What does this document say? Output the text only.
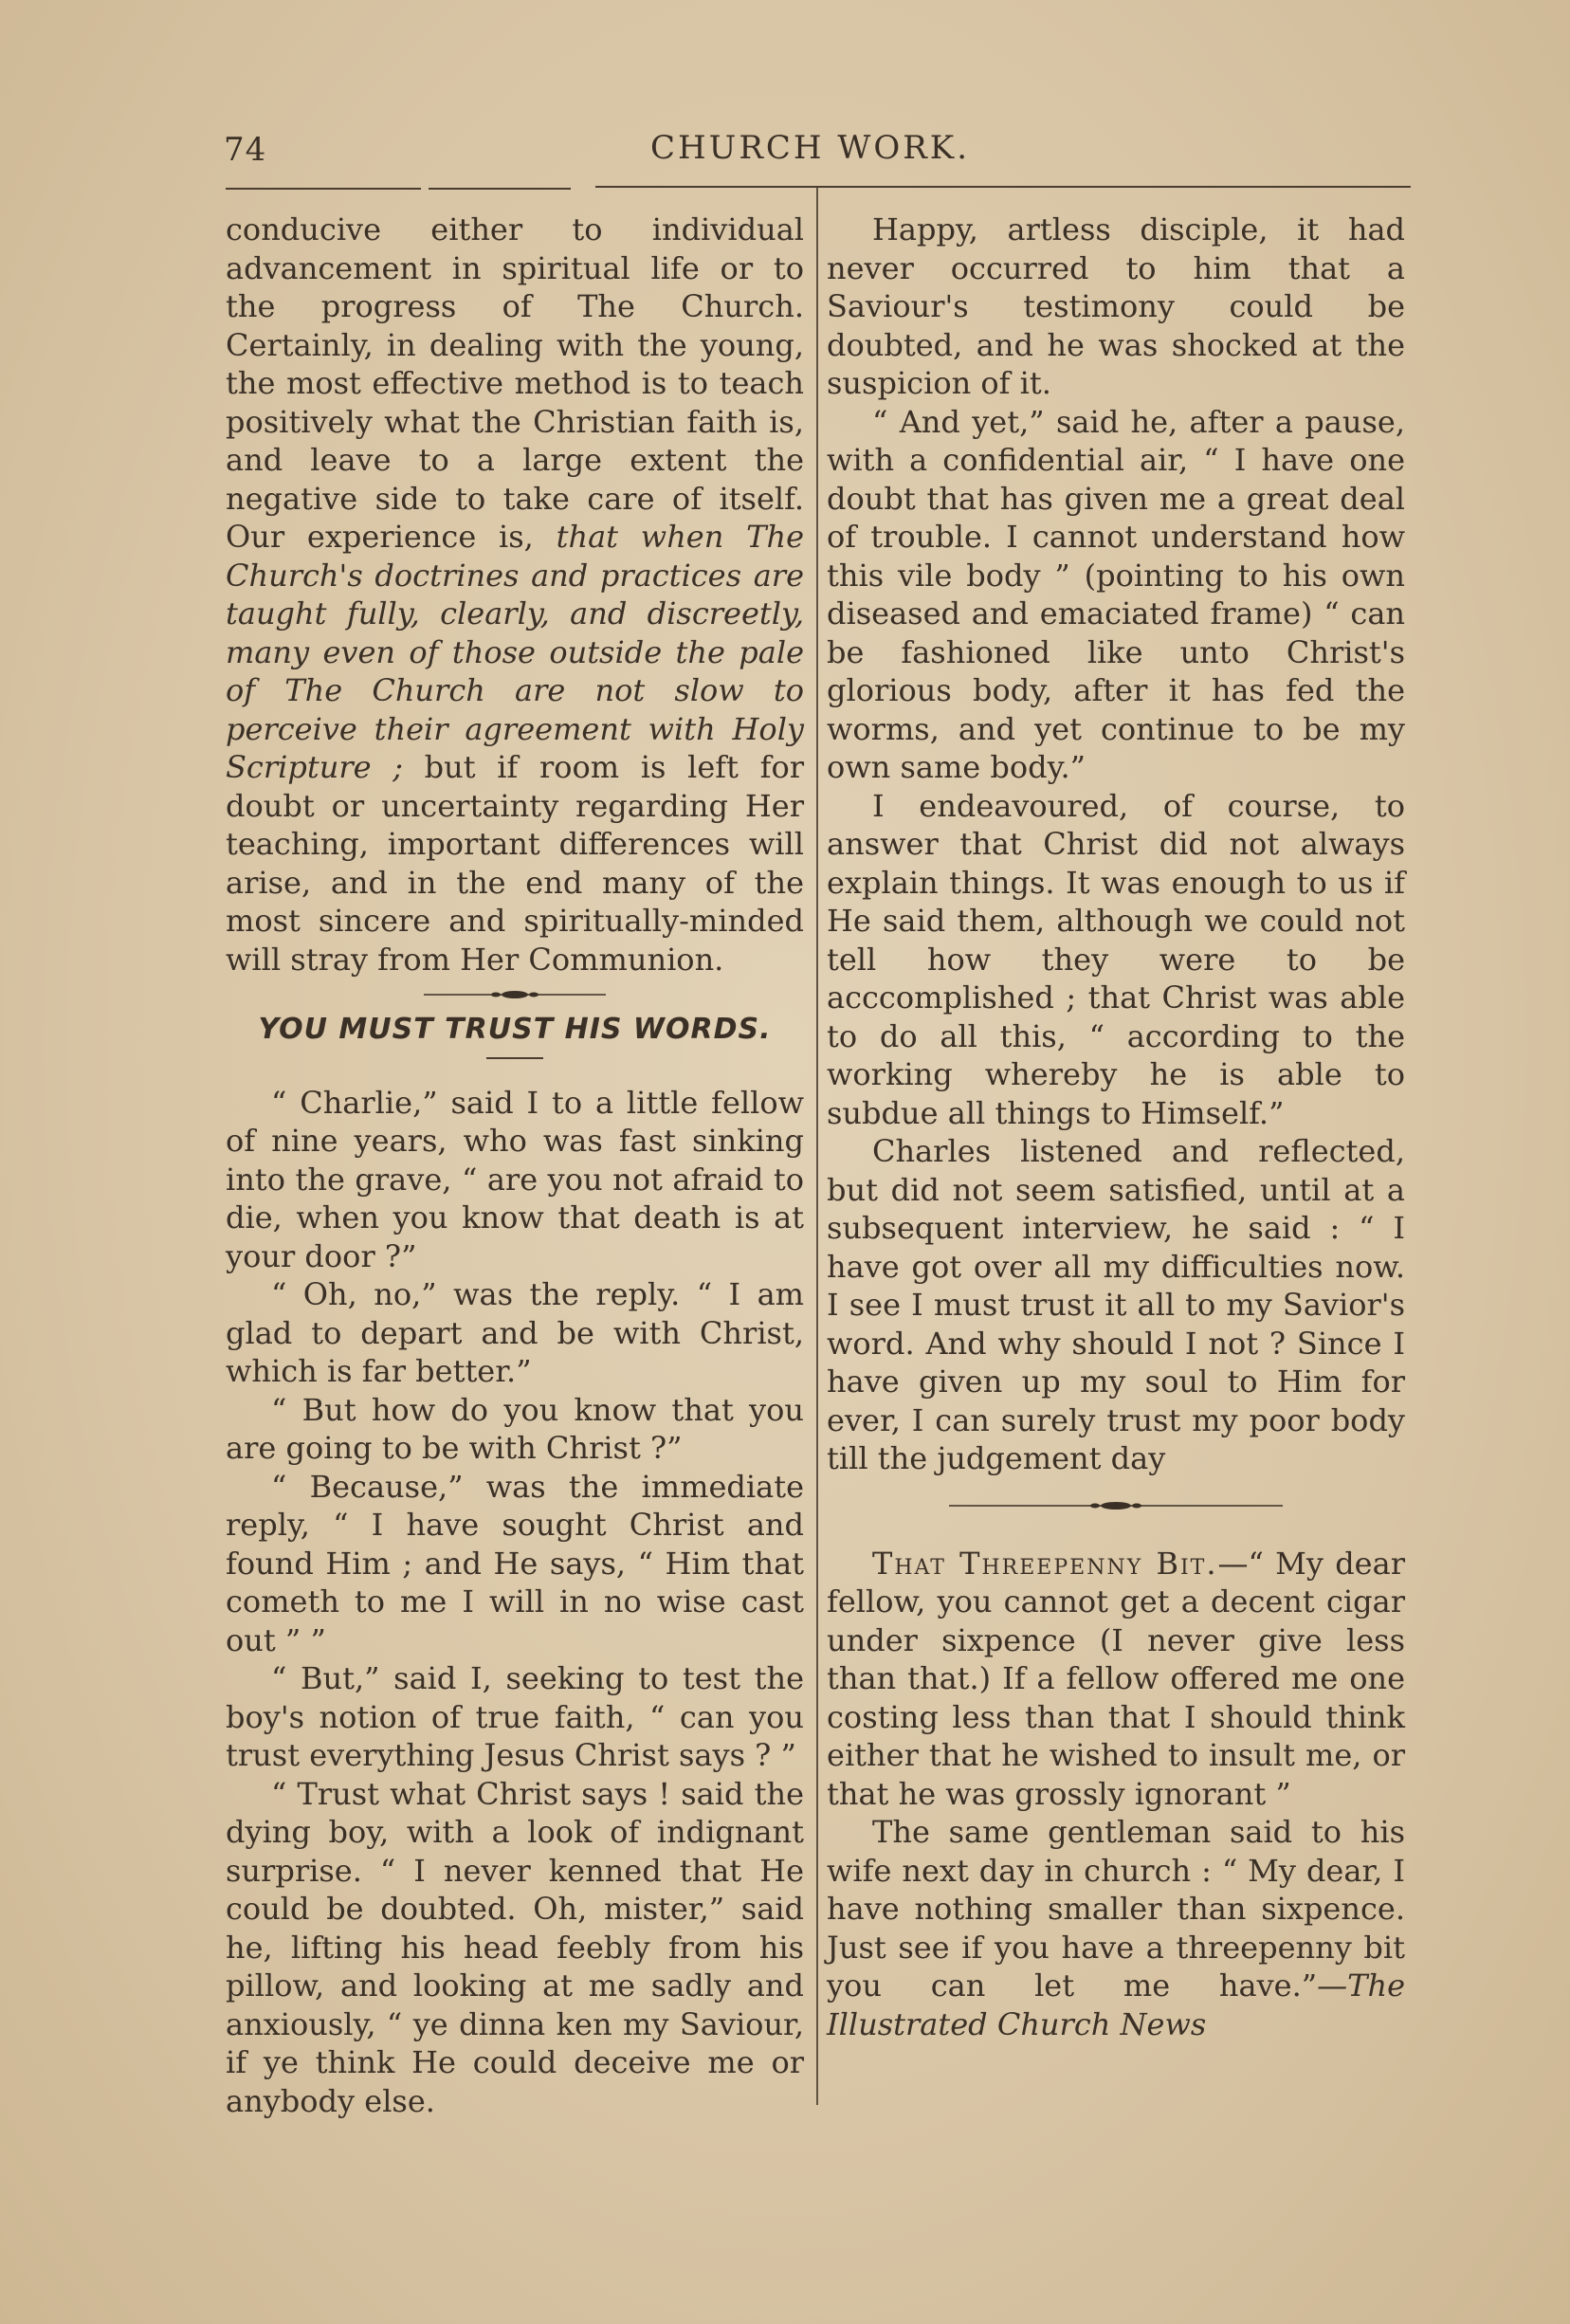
74	CHURCH WORK.

conducive either to individual advancement in spiritual life or to the progress of The Church. Certainly, in dealing with the young, the most effective method is to teach positively what the Christian faith is, and leave to a large extent the negative side to take care of itself. Our experience is, that when The Church's doctrines and practices are taught fully, clearly, and discreetly, many even of those outside the pale of The Church are not slow to perceive their agreement with Holy Scripture ; but if room is left for doubt or uncertainty regarding Her teaching, important differences will arise, and in the end many of the most sincere and spiritually-minded will stray from Her Communion.

YOU MUST TRUST HIS WORDS.

“ Charlie,” said I to a little fellow of nine years, who was fast sinking into the grave, “ are you not afraid to die, when you know that death is at your door ?”

“ Oh, no,” was the reply. “ I am glad to depart and be with Christ, which is far better.”

“ But how do you know that you are going to be with Christ ?”

“ Because,” was the immediate reply, “ I have sought Christ and found Him ; and He says, “ Him that cometh to me I will in no wise cast out ” ”

“ But,” said I, seeking to test the boy's notion of true faith, “ can you trust everything Jesus Christ says ? ”

“ Trust what Christ says ! said the dying boy, with a look of indignant surprise. “ I never kenned that He could be doubted. Oh, mister,” said he, lifting his head feebly from his pillow, and looking at me sadly and anxiously, “ ye dinna ken my Saviour, if ye think He could deceive me or anybody else.

Happy, artless disciple, it had never occurred to him that a Saviour's testimony could be doubted, and he was shocked at the suspicion of it.

“ And yet,” said he, after a pause, with a confidential air, “ I have one doubt that has given me a great deal of trouble. I cannot understand how this vile body ” (pointing to his own diseased and emaciated frame) “ can be fashioned like unto Christ's glorious body, after it has fed the worms, and yet continue to be my own same body.”

I endeavoured, of course, to answer that Christ did not always explain things. It was enough to us if He said them, although we could not tell how they were to be acccomplished ; that Christ was able to do all this, “ according to the working whereby he is able to subdue all things to Himself.”

Charles listened and reflected, but did not seem satisfied, until at a subsequent interview, he said : “ I have got over all my difficulties now. I see I must trust it all to my Savior's word. And why should I not ? Since I have given up my soul to Him for ever, I can surely trust my poor body till the judgement day

That Threepenny Bit.—“ My dear fellow, you cannot get a decent cigar under sixpence (I never give less than that.) If a fellow offered me one costing less than that I should think either that he wished to insult me, or that he was grossly ignorant ”

The same gentleman said to his wife next day in church : “ My dear, I have nothing smaller than sixpence. Just see if you have a threepenny bit you can let me have.”—The Illustrated Church News
